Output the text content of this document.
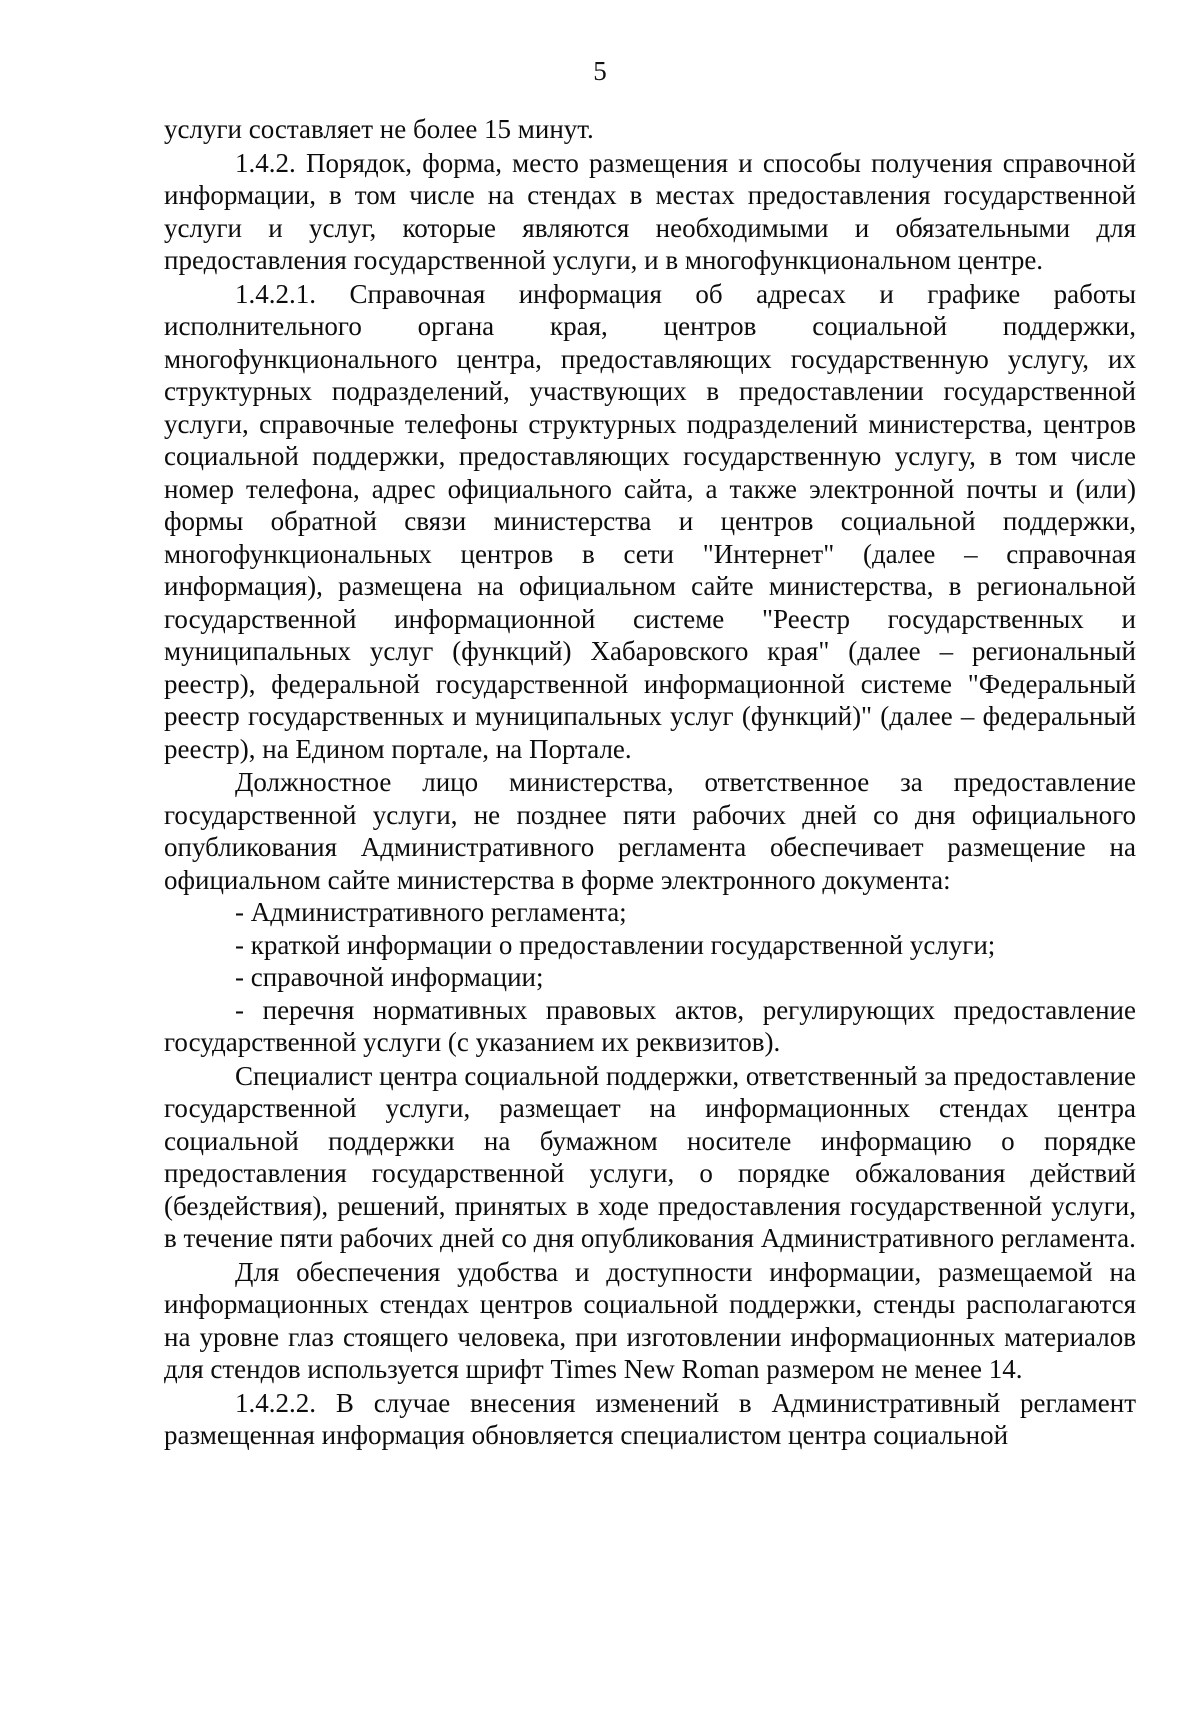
5

услуги составляет не более 15 минут.

1.4.2. Порядок, форма, место размещения и способы получения справочной информации, в том числе на стендах в местах предоставления государственной услуги и услуг, которые являются необходимыми и обязательными для предоставления государственной услуги, и в многофункциональном центре.

1.4.2.1. Справочная информация об адресах и графике работы исполнительного органа края, центров социальной поддержки, многофункционального центра, предоставляющих государственную услугу, их структурных подразделений, участвующих в предоставлении государственной услуги, справочные телефоны структурных подразделений министерства, центров социальной поддержки, предоставляющих государственную услугу, в том числе номер телефона, адрес официального сайта, а также электронной почты и (или) формы обратной связи министерства и центров социальной поддержки, многофункциональных центров в сети "Интернет" (далее – справочная информация), размещена на официальном сайте министерства, в региональной государственной информационной системе "Реестр государственных и муниципальных услуг (функций) Хабаровского края" (далее – региональный реестр), федеральной государственной информационной системе "Федеральный реестр государственных и муниципальных услуг (функций)" (далее – федеральный реестр), на Едином портале, на Портале.

Должностное лицо министерства, ответственное за предоставление государственной услуги, не позднее пяти рабочих дней со дня официального опубликования Административного регламента обеспечивает размещение на официальном сайте министерства в форме электронного документа:

- Административного регламента;

- краткой информации о предоставлении государственной услуги;

- справочной информации;

- перечня нормативных правовых актов, регулирующих предоставление государственной услуги (с указанием их реквизитов).

Специалист центра социальной поддержки, ответственный за предоставление государственной услуги, размещает на информационных стендах центра социальной поддержки на бумажном носителе информацию о порядке предоставления государственной услуги, о порядке обжалования действий (бездействия), решений, принятых в ходе предоставления государственной услуги, в течение пяти рабочих дней со дня опубликования Административного регламента.

Для обеспечения удобства и доступности информации, размещаемой на информационных стендах центров социальной поддержки, стенды располагаются на уровне глаз стоящего человека, при изготовлении информационных материалов для стендов используется шрифт Times New Roman размером не менее 14.

1.4.2.2. В случае внесения изменений в Административный регламент размещенная информация обновляется специалистом центра социальной
